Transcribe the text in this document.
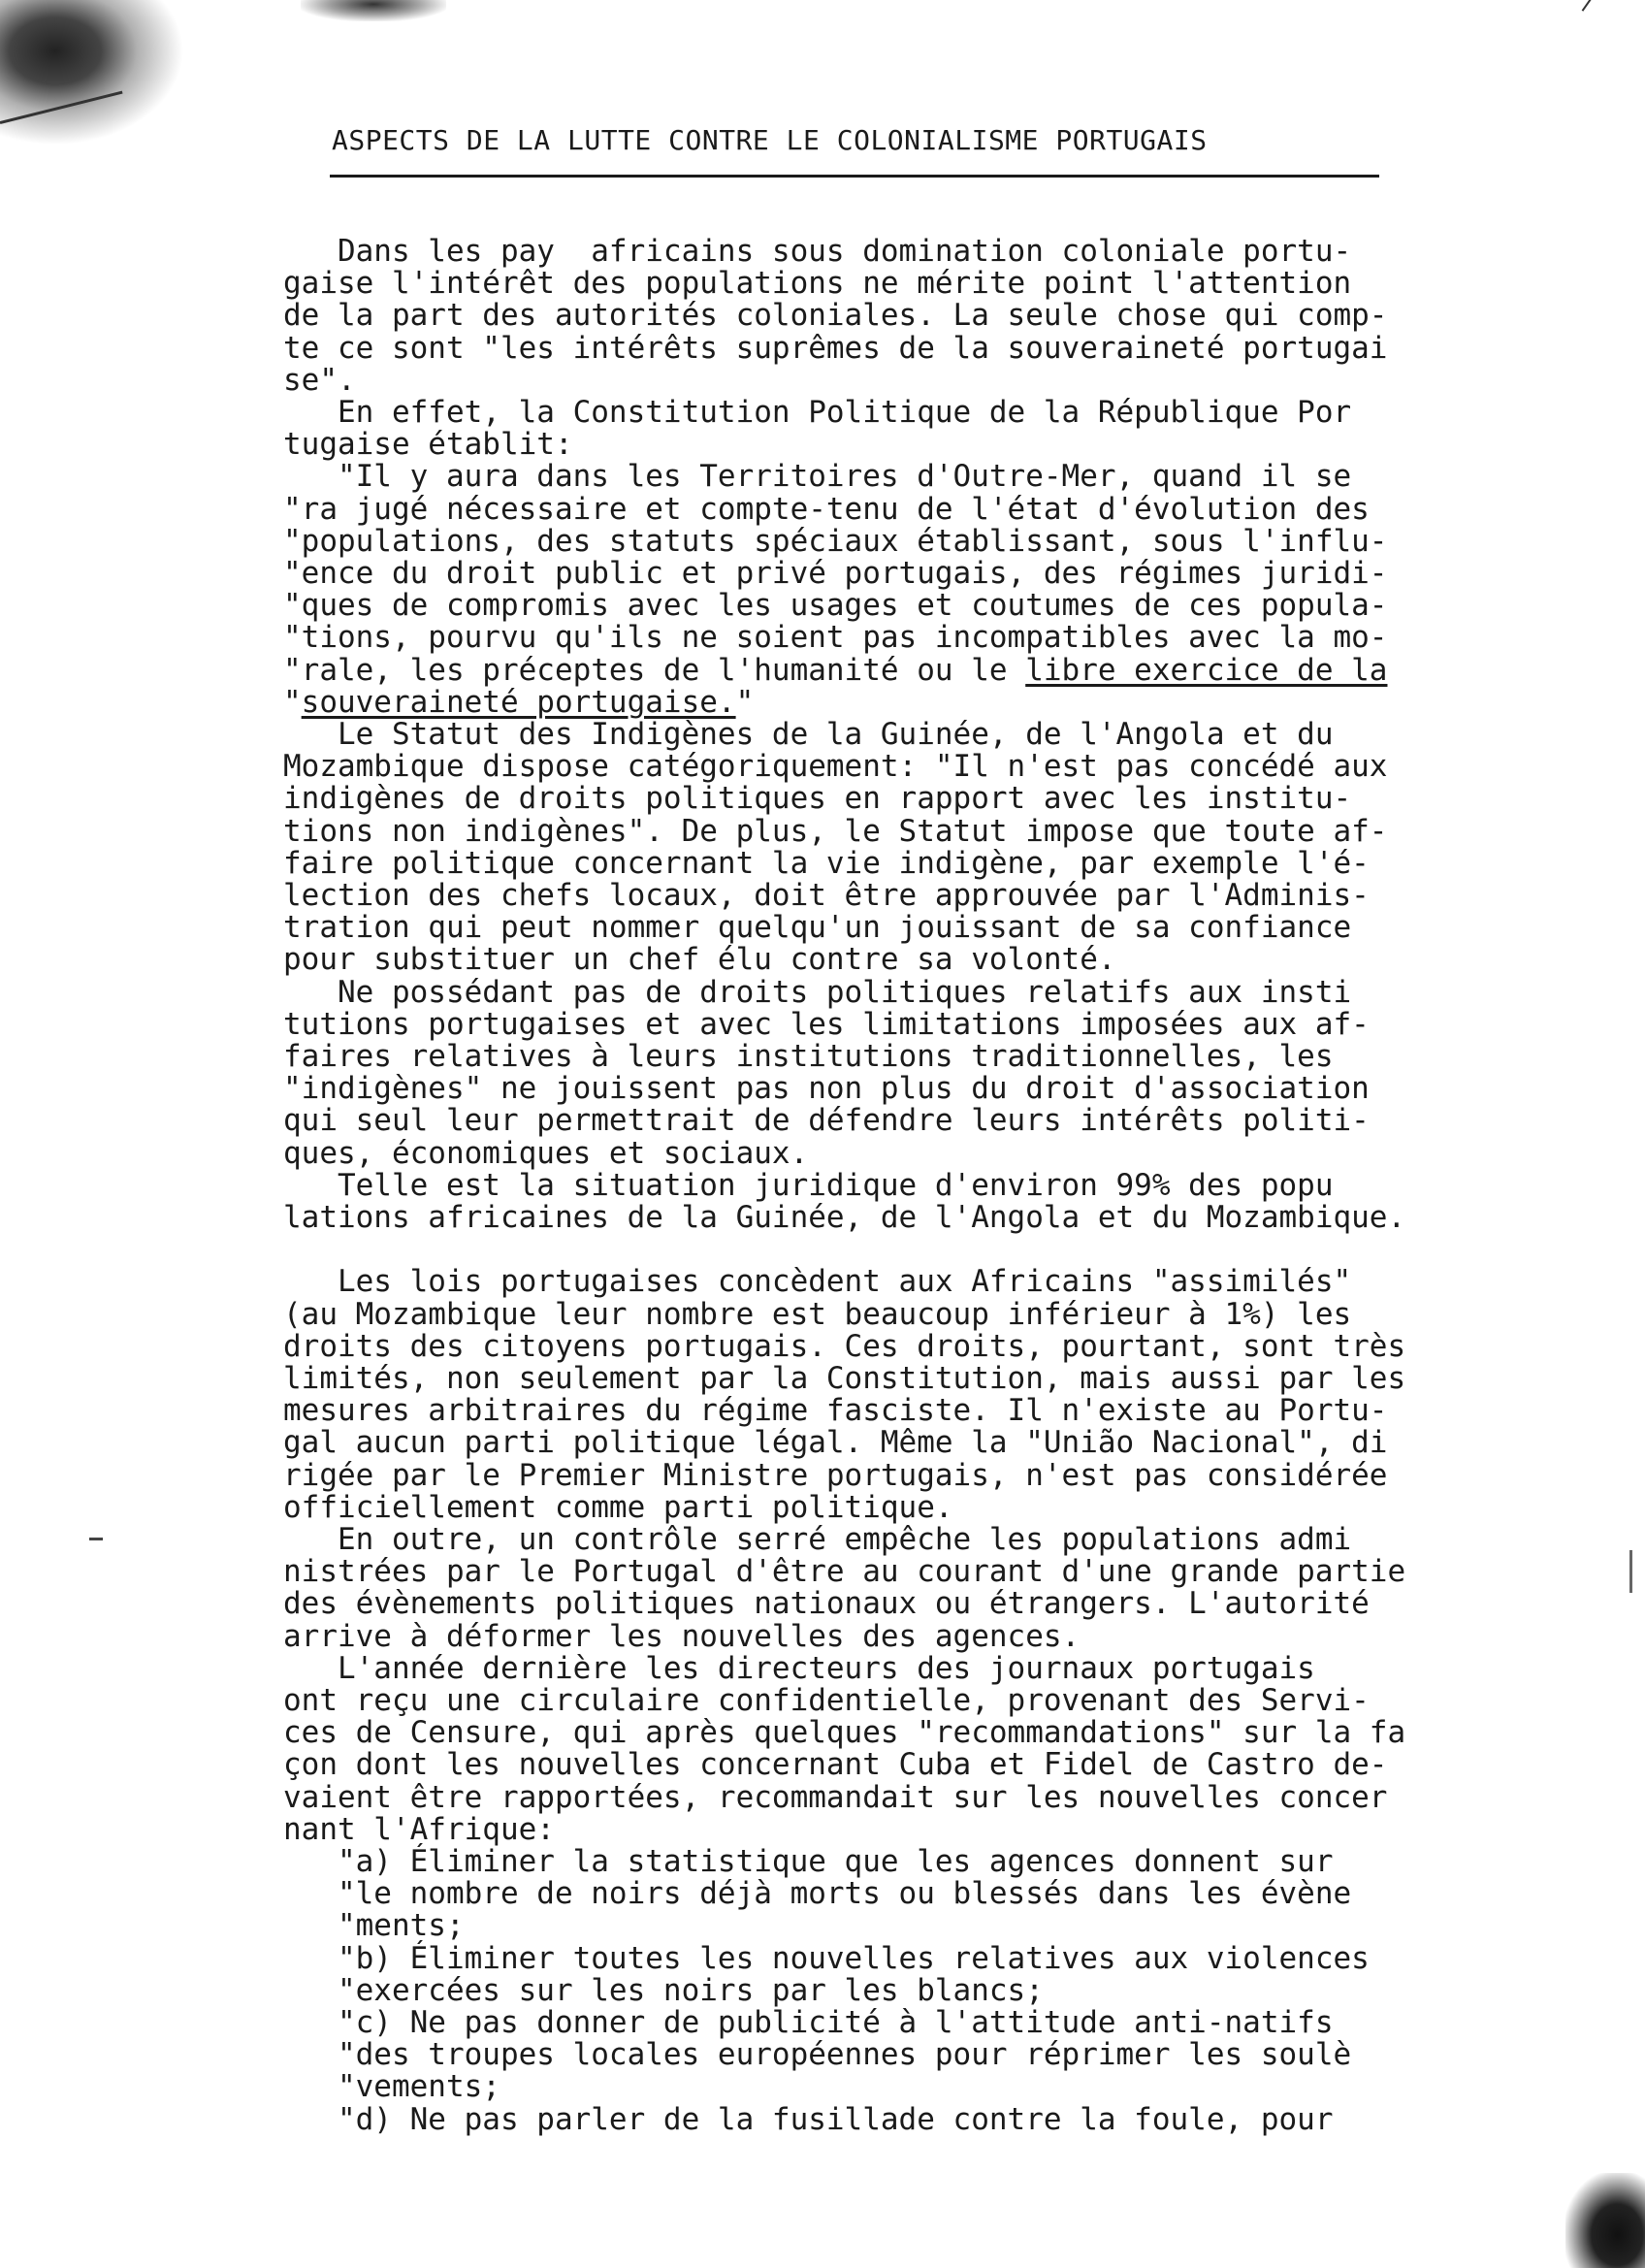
ASPECTS DE LA LUTTE CONTRE LE COLONIALISME PORTUGAIS
Dans les pay  africains sous domination coloniale portu-
gaise l'intérêt des populations ne mérite point l'attention
de la part des autorités coloniales. La seule chose qui comp-
te ce sont "les intérêts suprêmes de la souveraineté portugai
se".
En effet, la Constitution Politique de la République Por
tugaise établit:
"Il y aura dans les Territoires d'Outre-Mer, quand il se
"ra jugé nécessaire et compte-tenu de l'état d'évolution des
"populations, des statuts spéciaux établissant, sous l'influ-
"ence du droit public et privé portugais, des régimes juridi-
"ques de compromis avec les usages et coutumes de ces popula-
"tions, pourvu qu'ils ne soient pas incompatibles avec la mo-
"rale, les préceptes de l'humanité ou le libre exercice de la
"souveraineté portugaise."
Le Statut des Indigènes de la Guinée, de l'Angola et du
Mozambique dispose catégoriquement: "Il n'est pas concédé aux
indigènes de droits politiques en rapport avec les institu-
tions non indigènes". De plus, le Statut impose que toute af-
faire politique concernant la vie indigène, par exemple l'é-
lection des chefs locaux, doit être approuvée par l'Adminis-
tration qui peut nommer quelqu'un jouissant de sa confiance
pour substituer un chef élu contre sa volonté.
Ne possédant pas de droits politiques relatifs aux insti
tutions portugaises et avec les limitations imposées aux af-
faires relatives à leurs institutions traditionnelles, les
"indigènes" ne jouissent pas non plus du droit d'association
qui seul leur permettrait de défendre leurs intérêts politi-
ques, économiques et sociaux.
Telle est la situation juridique d'environ 99% des popu
lations africaines de la Guinée, de l'Angola et du Mozambique.
Les lois portugaises concèdent aux Africains "assimilés"
(au Mozambique leur nombre est beaucoup inférieur à 1%) les
droits des citoyens portugais. Ces droits, pourtant, sont très
limités, non seulement par la Constitution, mais aussi par les
mesures arbitraires du régime fasciste. Il n'existe au Portu-
gal aucun parti politique légal. Même la "União Nacional", di
rigée par le Premier Ministre portugais, n'est pas considérée
officiellement comme parti politique.
En outre, un contrôle serré empêche les populations admi
nistrées par le Portugal d'être au courant d'une grande partie
des évènements politiques nationaux ou étrangers. L'autorité
arrive à déformer les nouvelles des agences.
L'année dernière les directeurs des journaux portugais
ont reçu une circulaire confidentielle, provenant des Servi-
ces de Censure, qui après quelques "recommandations" sur la fa
çon dont les nouvelles concernant Cuba et Fidel de Castro de-
vaient être rapportées, recommandait sur les nouvelles concer
nant l'Afrique:
"a) Éliminer la statistique que les agences donnent sur
"le nombre de noirs déjà morts ou blessés dans les évène
"ments;
"b) Éliminer toutes les nouvelles relatives aux violences
"exercées sur les noirs par les blancs;
"c) Ne pas donner de publicité à l'attitude anti-natifs
"des troupes locales européennes pour réprimer les soulè
"vements;
"d) Ne pas parler de la fusillade contre la foule, pour
